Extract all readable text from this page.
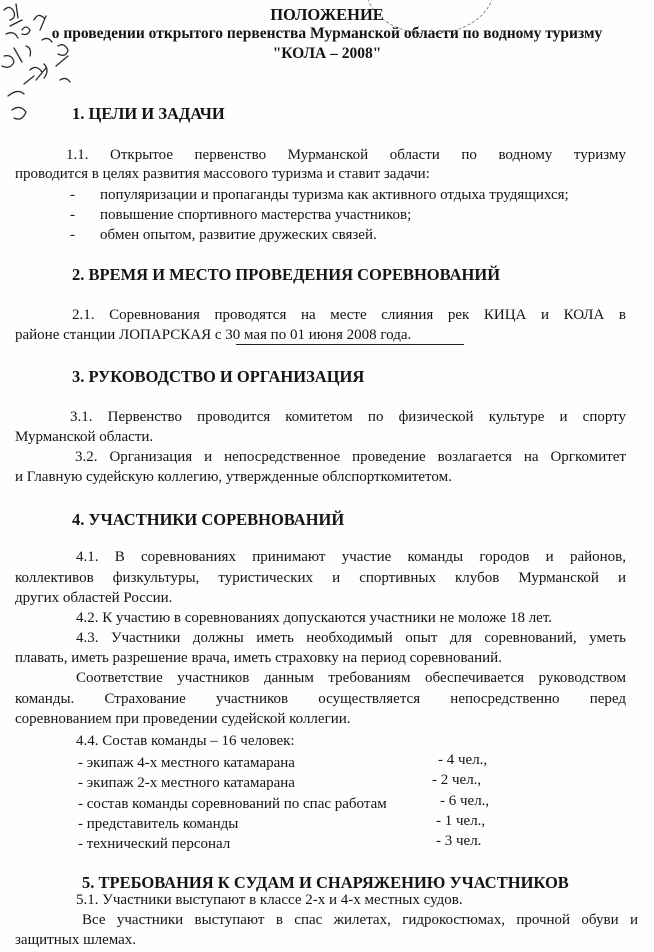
ПОЛОЖЕНИЕ
о проведении открытого первенства Мурманской области по водному туризму
"КОЛА – 2008"
1. ЦЕЛИ И ЗАДАЧИ
1.1. Открытое первенство Мурманской области по водному туризму
проводится в целях развития массового туризма и ставит задачи:
- популяризации и пропаганды туризма как активного отдыха трудящихся;
- повышение спортивного мастерства участников;
- обмен опытом, развитие дружеских связей.
2. ВРЕМЯ И МЕСТО ПРОВЕДЕНИЯ СОРЕВНОВАНИЙ
2.1. Соревнования проводятся на месте слияния рек КИЦА и КОЛА в
районе станции ЛОПАРСКАЯ с 30 мая по 01 июня 2008 года.
3. РУКОВОДСТВО И ОРГАНИЗАЦИЯ
3.1. Первенство проводится комитетом по физической культуре и спорту
Мурманской области.
3.2. Организация и непосредственное проведение возлагается на Оргкомитет
и Главную судейскую коллегию, утвержденные облспорткомитетом.
4. УЧАСТНИКИ СОРЕВНОВАНИЙ
4.1. В соревнованиях принимают участие команды городов и районов,
коллективов физкультуры, туристических и спортивных клубов Мурманской и
других областей России.
4.2. К участию в соревнованиях допускаются участники не моложе 18 лет.
4.3. Участники должны иметь необходимый опыт для соревнований, уметь
плавать, иметь разрешение врача, иметь страховку на период соревнований.
Соответствие участников данным требованиям обеспечивается руководством
команды. Страхование участников осуществляется непосредственно перед
соревнованием при проведении судейской коллегии.
4.4. Состав команды – 16 человек:
- экипаж 4-х местного катамарана	- 4 чел.,
- экипаж 2-х местного катамарана	- 2 чел.,
- состав команды соревнований по спас работам	- 6 чел.,
- представитель команды	- 1 чел.,
- технический персонал	- 3 чел.
5. ТРЕБОВАНИЯ К СУДАМ И СНАРЯЖЕНИЮ УЧАСТНИКОВ
5.1. Участники выступают в классе 2-х и 4-х местных судов.
Все участники выступают в спас жилетах, гидрокостюмах, прочной обуви и
защитных шлемах.
